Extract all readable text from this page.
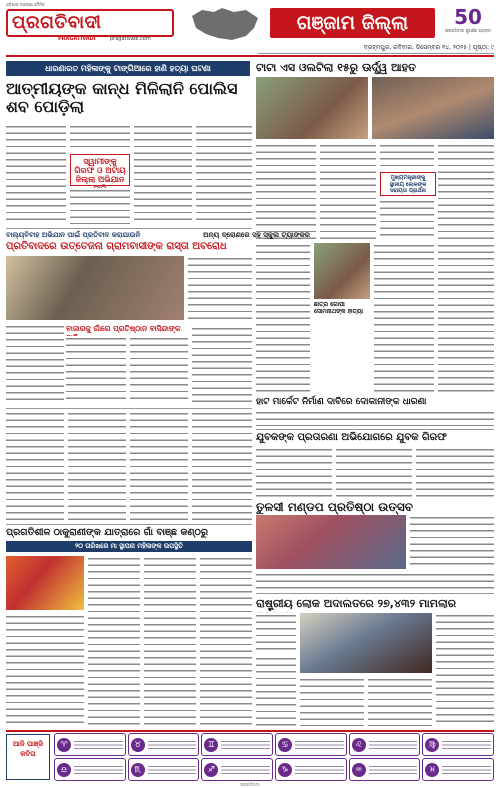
ଓଡ଼ିଶାର ଅଗ୍ରଣୀ ଦୈନିକ
ପ୍ରଗତିବାଦୀ
PRAGATIVADI	pragativadi.com
ଗଞ୍ଜାମ ଜିଲ୍ଲା	50
ପ୍ରଗତିବାଦୀ ସୁବର୍ଣ୍ଣ ଜୟନ୍ତୀ
ବ୍ରହ୍ମପୁର, ରବିବାର, ଡିସେମ୍ବର ୧୪, ୨୦୨୫ | ପୃଷ୍ଠା: ୯
ଧାରଣାରତ ମହିଳାଙ୍କୁ ଟାଙ୍ଗିଆରେ ହାଣି ହତ୍ୟା ଘଟଣା
ଆତ୍ମୀୟଙ୍କ କାନ୍ଧ ମିଳିଲାନି ପୋଲିସ ଶବ ପୋଡ଼ିଲା
ସ୍ୱାମୀଙ୍କୁ ଗିରଫ ଓ ଅଟାୟ ଜିଲ୍ଲା ଅଭିଯାନ
ଟାଟା ଏସ ଓଲଟିଲା ୧୫ରୁ ଊର୍ଦ୍ଧ୍ୱ ଆହତ
ମୁଖ୍ୟମନ୍ତ୍ରୀଙ୍କୁ ସ୍ଥାନୀୟ ଲୋକଙ୍କ ସହାୟତା ପ୍ରାର୍ଥନା
ବାଲ୍ୟବିବାହ ଅଭିଯାନ ପାଇଁ ପ୍ରତିବାଦ କରାଯାଉନି
ପ୍ରତିବାଦରେ ଉତ୍ତେଜନା ଗ୍ରାମବାସୀଙ୍କ ରାସ୍ତା ଅବରୋଧ
ବାଜାରକୁ ଗାଁରେ ପ୍ରତିଷ୍ଠାନ ବାସିନ୍ଦାଙ୍କ
ଅନ୍ୟ ଦ୍ରୋଣରେ ସହ ସ୍କୁଲ ଟ୍ୟାଙ୍କର
ଛାତ୍ର ଗୋପୀ ସୋମନାଥଙ୍କ ହାତ୍ୟା
ହାଟ ମାର୍କେଟ ନିର୍ମାଣ ଦାବିରେ ଦୋକାନୀଙ୍କ ଧାରଣା
ଯୁବକଙ୍କ ପ୍ରତାରଣା ଅଭିଯୋଗରେ ଯୁବକ ଗିରଫ
ତୁଳସୀ ମଣ୍ଡପ ପ୍ରତିଷ୍ଠା ଉତ୍ସବ
ପ୍ରଗତିଶୀଳ ଠାକୁରାଣୀଙ୍କ ଯାତ୍ରାରେ ଗାଁ ବାଞ୍ଛ କଣ୍ଠରୁ
୨୦ ତାରିଖରେ ମା ସ୍ଥାପନା ମହିଳାଙ୍କ ଉପସ୍ଥିତି
ରାଷ୍ଟ୍ରୀୟ ଲୋକ ଅଦାଲତରେ ୨୭,୪୩୨ ମାମଲାର
ଆଜି ପାଞ୍ଜି କବିତା
♈	♉	♊	♋	♌	♍
♎	♏	♐	♑	♒	♓
ପ୍ରଗତିବାଦୀ
